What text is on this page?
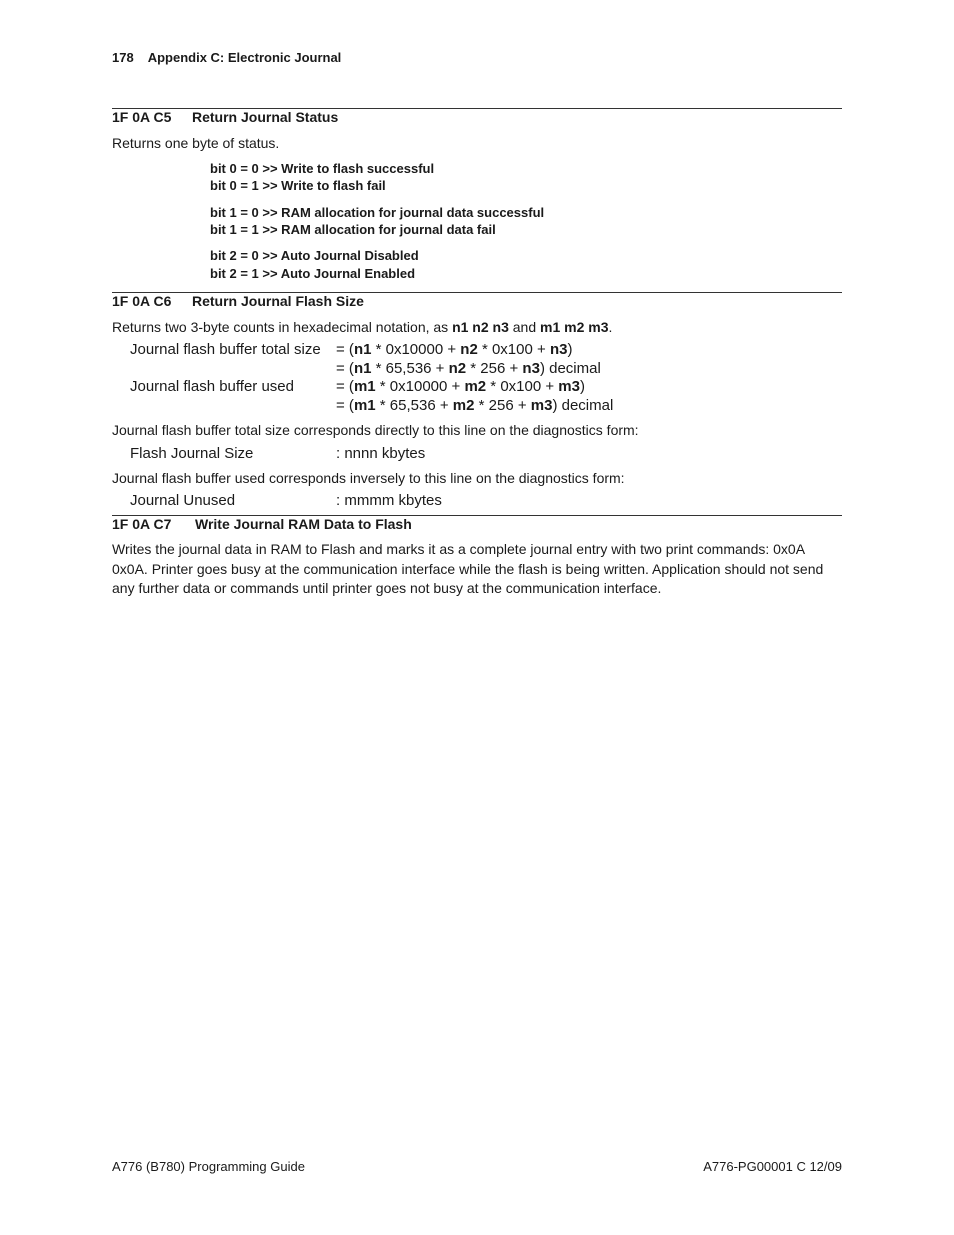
178 Appendix C: Electronic Journal
1F 0A C5 Return Journal Status
Returns one byte of status.
bit 0 = 0 >> Write to flash successful
bit 0 = 1 >> Write to flash fail
bit 1 = 0 >> RAM allocation for journal data successful
bit 1 = 1 >> RAM allocation for journal data fail
bit 2 = 0 >> Auto Journal Disabled
bit 2 = 1 >> Auto Journal Enabled
1F 0A C6 Return Journal Flash Size
Returns two 3-byte counts in hexadecimal notation, as n1 n2 n3 and m1 m2 m3.
Journal flash buffer total size = (n1 * 0x10000 + n2 * 0x100 + n3)
= (n1 * 65,536 + n2 * 256 + n3) decimal
Journal flash buffer used	= (m1 * 0x10000 + m2 * 0x100 + m3)
= (m1 * 65,536 + m2 * 256 + m3) decimal
Journal flash buffer total size corresponds directly to this line on the diagnostics form:
Flash Journal Size	: nnnn kbytes
Journal flash buffer used corresponds inversely to this line on the diagnostics form:
Journal Unused	: mmmm kbytes
1F 0A C7 Write Journal RAM Data to Flash
Writes the journal data in RAM to Flash and marks it as a complete journal entry with two print commands: 0x0A 0x0A. Printer goes busy at the communication interface while the flash is being written. Application should not send any further data or commands until printer goes not busy at the communication interface.
A776 (B780) Programming Guide	A776-PG00001 C 12/09
